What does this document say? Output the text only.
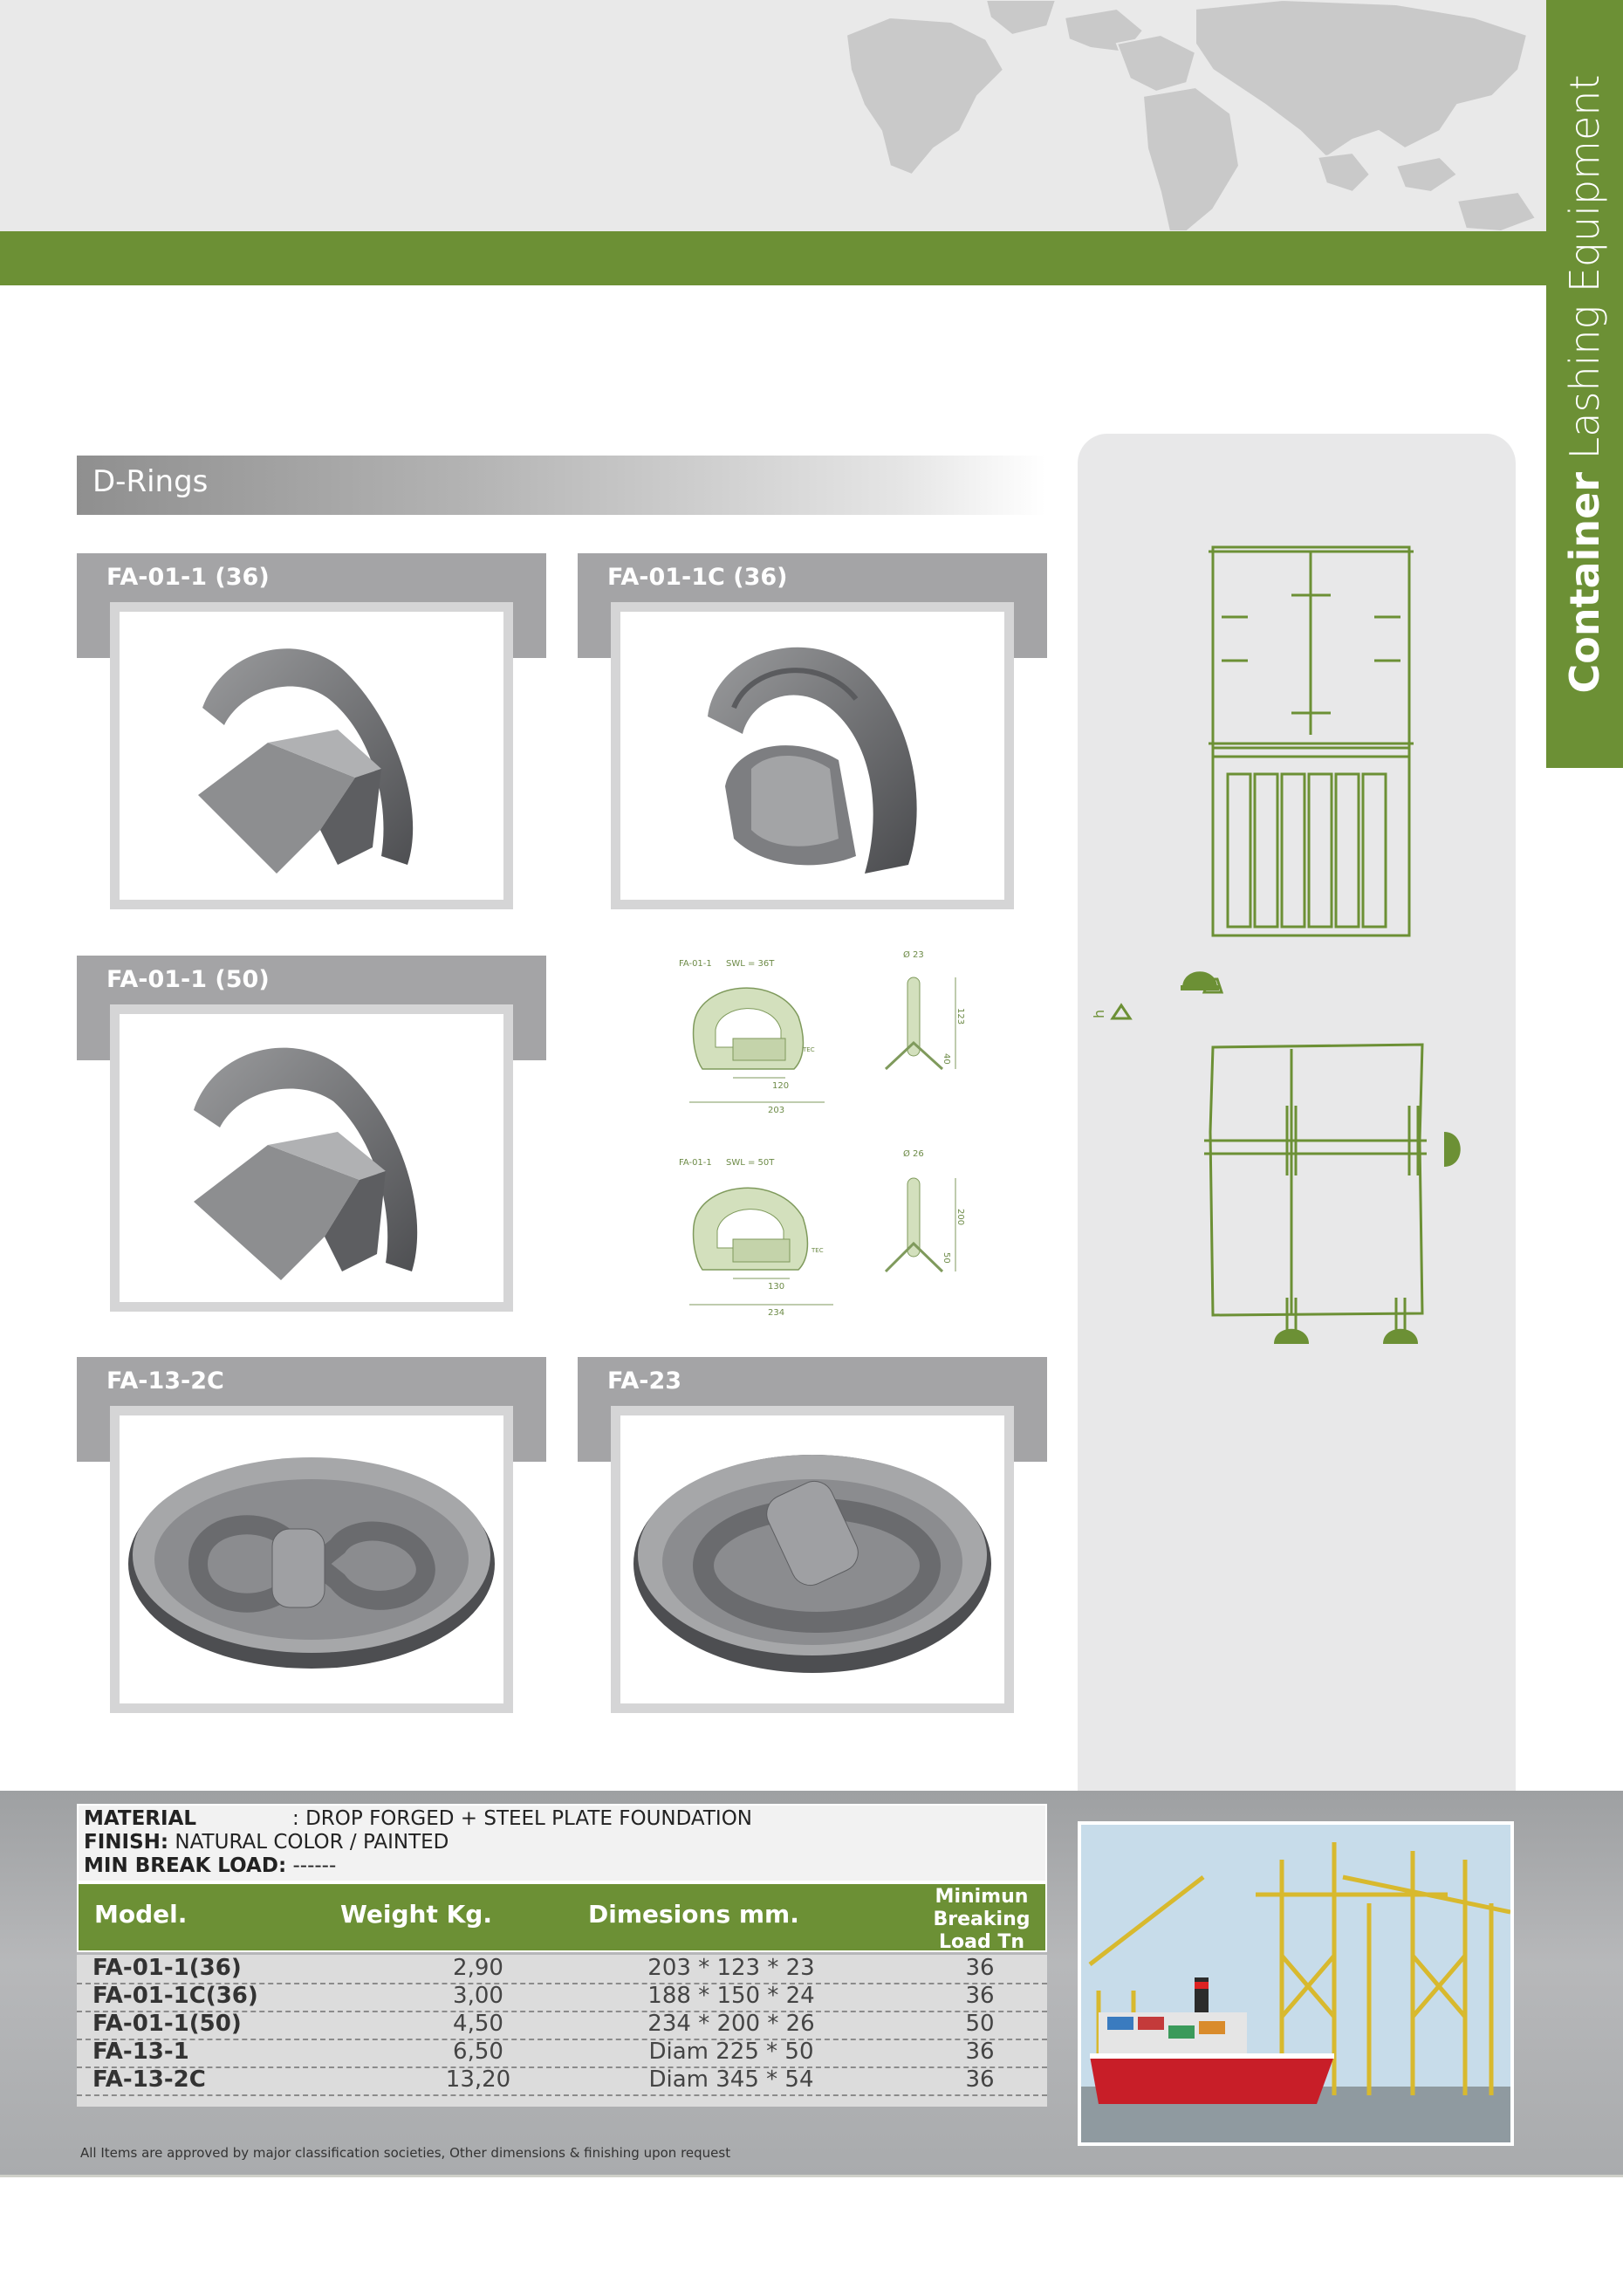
Container Lashing Equipment
D-Rings
FA-01-1 (36)	FA-01-1C (36)
FA-01-1 (50)
FA-01-1 SWL = 36T
TEC
120
203
Ø 23
123
40
FA-01-1 SWL = 50T
TEC
130
234
Ø 26
200
50
FA-13-2C	FA-23
h
MATERIAL	: DROP FORGED + STEEL PLATE FOUNDATION
FINISH: NATURAL COLOR / PAINTED
MIN BREAK LOAD: ------
Model.	Weight Kg.	Dimesions mm.
Minimun
Breaking
Load Tn
FA-01-1(36)	2,90	203 * 123 * 23	36
FA-01-1C(36)	3,00	188 * 150 * 24	36
FA-01-1(50)	4,50	234 * 200 * 26	50
FA-13-1	6,50	Diam 225 * 50	36
FA-13-2C	13,20	Diam 345 * 54	36
All Items are approved by major classification societies, Other dimensions & finishing upon request
